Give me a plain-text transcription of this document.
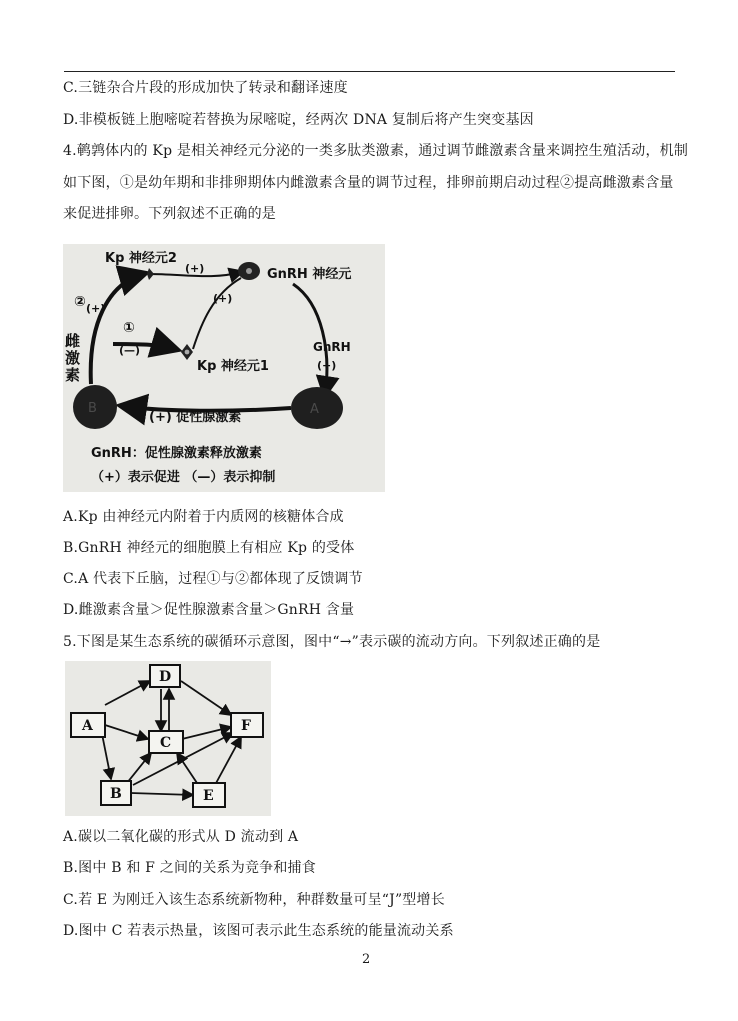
C.三链杂合片段的形成加快了转录和翻译速度
D.非模板链上胞嘧啶若替换为尿嘧啶，经两次 DNA 复制后将产生突变基因
4.鹌鹑体内的 Kp 是相关神经元分泌的一类多肽类激素，通过调节雌激素含量来调控生殖活动，机制
如下图，①是幼年期和非排卵期体内雌激素含量的调节过程，排卵前期启动过程②提高雌激素含量
来促进排卵。下列叙述不正确的是
B	A
Kp 神经元2
GnRH 神经元
(+)
(+)
② (+)
①
(—)
雌
激
素	Kp 神经元1
GnRH
(+)
(+) 促性腺激素
GnRH：促性腺激素释放激素
（+）表示促进 （—）表示抑制
A.Kp 由神经元内附着于内质网的核糖体合成
B.GnRH 神经元的细胞膜上有相应 Kp 的受体
C.A 代表下丘脑，过程①与②都体现了反馈调节
D.雌激素含量＞促性腺激素含量＞GnRH 含量
5.下图是某生态系统的碳循环示意图，图中“→”表示碳的流动方向。下列叙述正确的是
D
A
C
F
B	E
A.碳以二氧化碳的形式从 D 流动到 A
B.图中 B 和 F 之间的关系为竞争和捕食
C.若 E 为刚迁入该生态系统新物种，种群数量可呈“J”型增长
D.图中 C 若表示热量，该图可表示此生态系统的能量流动关系
2
